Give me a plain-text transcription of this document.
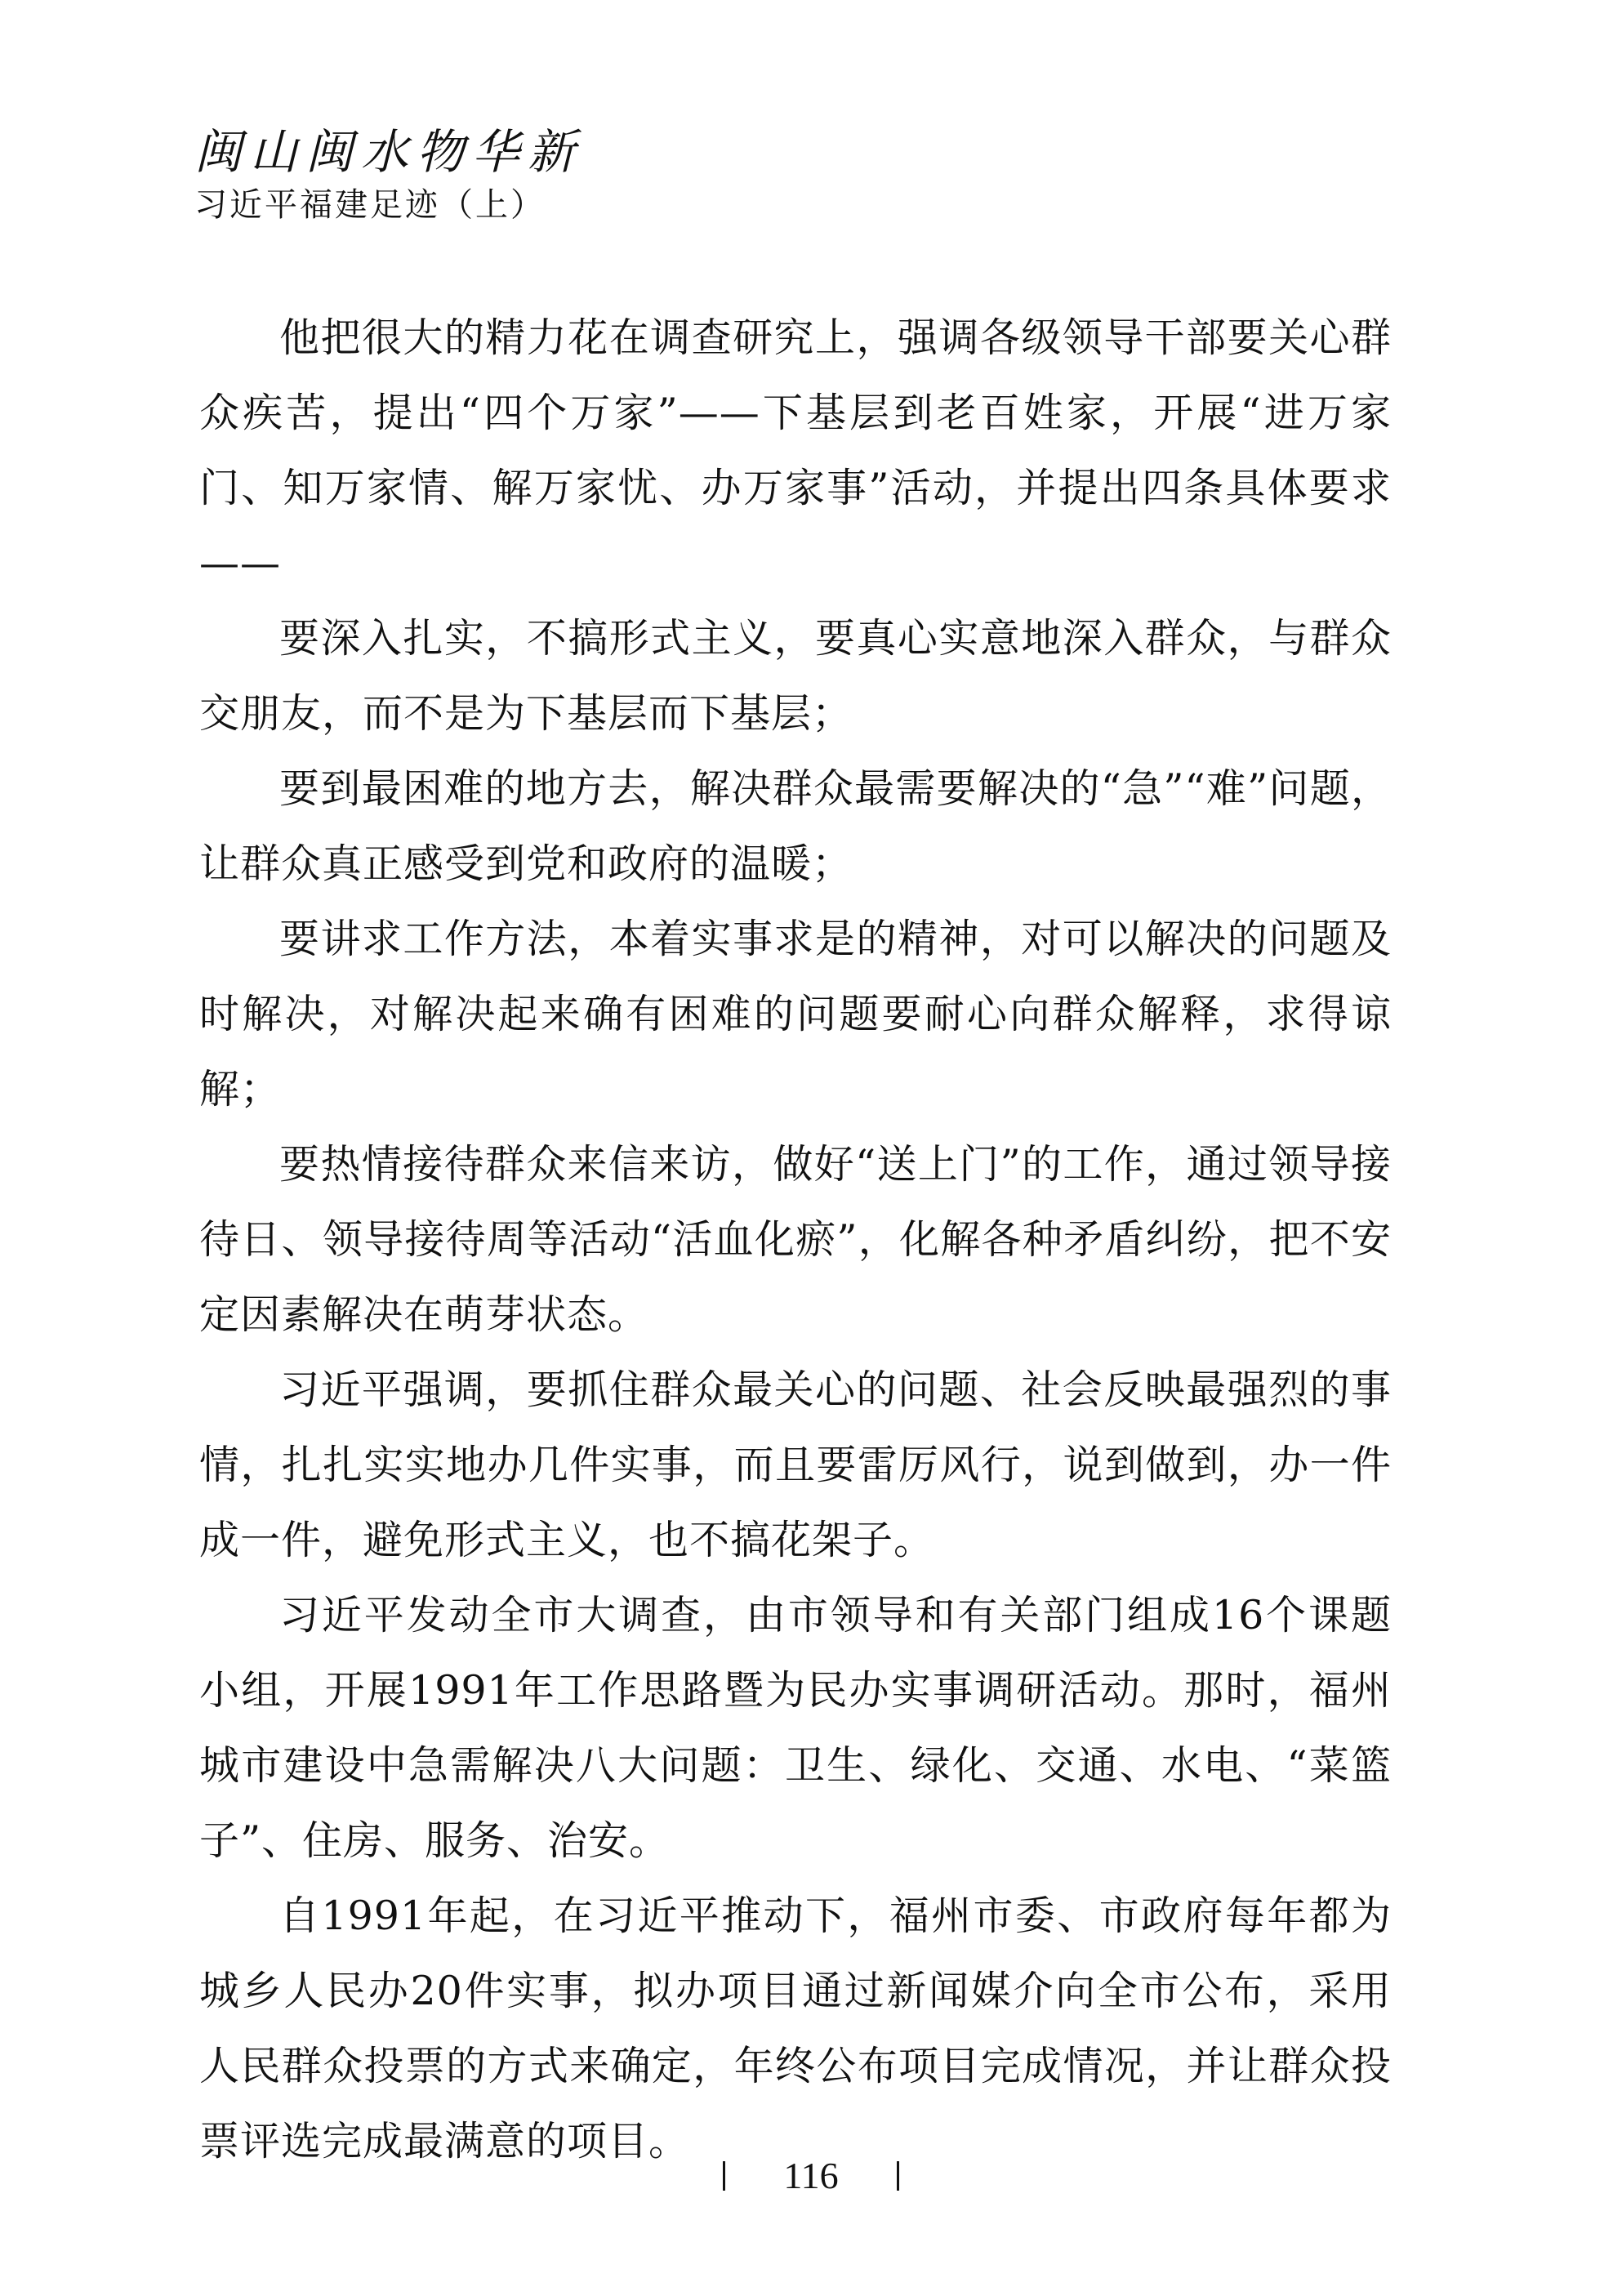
闽山闽水物华新
习近平福建足迹（上）

他把很大的精力花在调查研究上，强调各级领导干部要关心群众疾苦，提出“四个万家”——下基层到老百姓家，开展“进万家门、知万家情、解万家忧、办万家事”活动，并提出四条具体要求——

要深入扎实，不搞形式主义，要真心实意地深入群众，与群众交朋友，而不是为下基层而下基层；

要到最困难的地方去，解决群众最需要解决的“急”“难”问题，让群众真正感受到党和政府的温暖；

要讲求工作方法，本着实事求是的精神，对可以解决的问题及时解决，对解决起来确有困难的问题要耐心向群众解释，求得谅解；

要热情接待群众来信来访，做好“送上门”的工作，通过领导接待日、领导接待周等活动“活血化瘀”，化解各种矛盾纠纷，把不安定因素解决在萌芽状态。

习近平强调，要抓住群众最关心的问题、社会反映最强烈的事情，扎扎实实地办几件实事，而且要雷厉风行，说到做到，办一件成一件，避免形式主义，也不搞花架子。

习近平发动全市大调查，由市领导和有关部门组成16个课题小组，开展1991年工作思路暨为民办实事调研活动。那时，福州城市建设中急需解决八大问题：卫生、绿化、交通、水电、“菜篮子”、住房、服务、治安。

自1991年起，在习近平推动下，福州市委、市政府每年都为城乡人民办20件实事，拟办项目通过新闻媒介向全市公布，采用人民群众投票的方式来确定，年终公布项目完成情况，并让群众投票评选完成最满意的项目。

116
